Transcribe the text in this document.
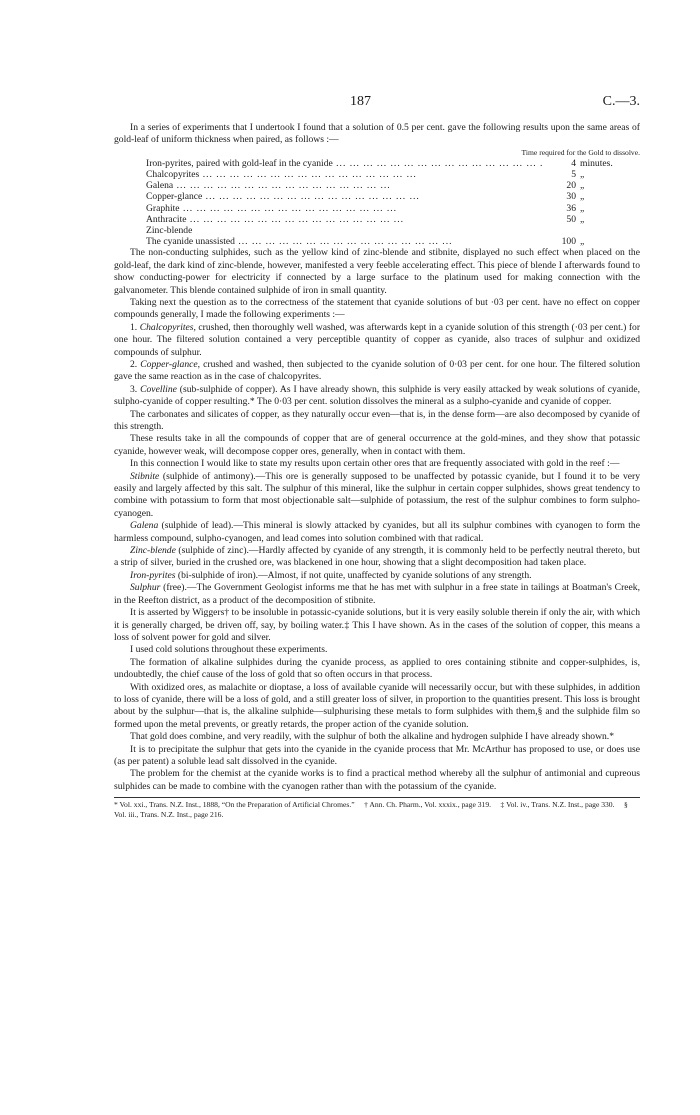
187	C.—3.

In a series of experiments that I undertook I found that a solution of 0.5 per cent. gave the following results upon the same areas of gold-leaf of uniform thickness when paired, as follows :—

Time required for the Gold to dissolve.
Iron-pyrites, paired with gold-leaf in the cyanide ...	4 minutes.
Chalcopyrites ...	5 „
Galena ...	20 „
Copper-glance ...	30 „
Graphite ...	36 „
Anthracite ...	50 „
Zinc-blende
The cyanide unassisted ...	100 „

The non-conducting sulphides, such as the yellow kind of zinc-blende and stibnite, displayed no such effect when placed on the gold-leaf, the dark kind of zinc-blende, however, manifested a very feeble accelerating effect. This piece of blende I afterwards found to show conducting-power for electricity if connected by a large surface to the platinum used for making connection with the galvanometer. This blende contained sulphide of iron in small quantity.

Taking next the question as to the correctness of the statement that cyanide solutions of but ·03 per cent. have no effect on copper compounds generally, I made the following experiments :—

1. Chalcopyrites, crushed, then thoroughly well washed, was afterwards kept in a cyanide solution of this strength (·03 per cent.) for one hour. The filtered solution contained a very perceptible quantity of copper as cyanide, also traces of sulphur and oxidized compounds of sulphur.

2. Copper-glance, crushed and washed, then subjected to the cyanide solution of 0·03 per cent. for one hour. The filtered solution gave the same reaction as in the case of chalcopyrites.

3. Covelline (sub-sulphide of copper). As I have already shown, this sulphide is very easily attacked by weak solutions of cyanide, sulpho-cyanide of copper resulting.* The 0·03 per cent. solution dissolves the mineral as a sulpho-cyanide and cyanide of copper.

The carbonates and silicates of copper, as they naturally occur even—that is, in the dense form—are also decomposed by cyanide of this strength.

These results take in all the compounds of copper that are of general occurrence at the gold-mines, and they show that potassic cyanide, however weak, will decompose copper ores, generally, when in contact with them.

In this connection I would like to state my results upon certain other ores that are frequently associated with gold in the reef :—

Stibnite (sulphide of antimony).—This ore is generally supposed to be unaffected by potassic cyanide, but I found it to be very easily and largely affected by this salt. The sulphur of this mineral, like the sulphur in certain copper sulphides, shows great tendency to combine with potassium to form that most objectionable salt—sulphide of potassium, the rest of the sulphur combines to form sulpho-cyanogen.

Galena (sulphide of lead).—This mineral is slowly attacked by cyanides, but all its sulphur combines with cyanogen to form the harmless compound, sulpho-cyanogen, and lead comes into solution combined with that radical.

Zinc-blende (sulphide of zinc).—Hardly affected by cyanide of any strength, it is commonly held to be perfectly neutral thereto, but a strip of silver, buried in the crushed ore, was blackened in one hour, showing that a slight decomposition had taken place.

Iron-pyrites (bi-sulphide of iron).—Almost, if not quite, unaffected by cyanide solutions of any strength.

Sulphur (free).—The Government Geologist informs me that he has met with sulphur in a free state in tailings at Boatman's Creek, in the Reefton district, as a product of the decomposition of stibnite.

It is asserted by Wiggers† to be insoluble in potassic-cyanide solutions, but it is very easily soluble therein if only the air, with which it is generally charged, be driven off, say, by boiling water.‡ This I have shown. As in the cases of the solution of copper, this means a loss of solvent power for gold and silver.

I used cold solutions throughout these experiments.

The formation of alkaline sulphides during the cyanide process, as applied to ores containing stibnite and copper-sulphides, is, undoubtedly, the chief cause of the loss of gold that so often occurs in that process.

With oxidized ores, as malachite or dioptase, a loss of available cyanide will necessarily occur, but with these sulphides, in addition to loss of cyanide, there will be a loss of gold, and a still greater loss of silver, in proportion to the quantities present. This loss is brought about by the sulphur—that is, the alkaline sulphide—sulphurising these metals to form sulphides with them,§ and the sulphide film so formed upon the metal prevents, or greatly retards, the proper action of the cyanide solution.

That gold does combine, and very readily, with the sulphur of both the alkaline and hydrogen sulphide I have already shown.*

It is to precipitate the sulphur that gets into the cyanide in the cyanide process that Mr. McArthur has proposed to use, or does use (as per patent) a soluble lead salt dissolved in the cyanide.

The problem for the chemist at the cyanide works is to find a practical method whereby all the sulphur of antimonial and cupreous sulphides can be made to combine with the cyanogen rather than with the potassium of the cyanide.

* Vol. xxi., Trans. N.Z. Inst., 1888, “On the Preparation of Artificial Chromes.” † Ann. Ch. Pharm., Vol. xxxix., page 319. ‡ Vol. iv., Trans. N.Z. Inst., page 330. § Vol. iii., Trans. N.Z. Inst., page 216.
